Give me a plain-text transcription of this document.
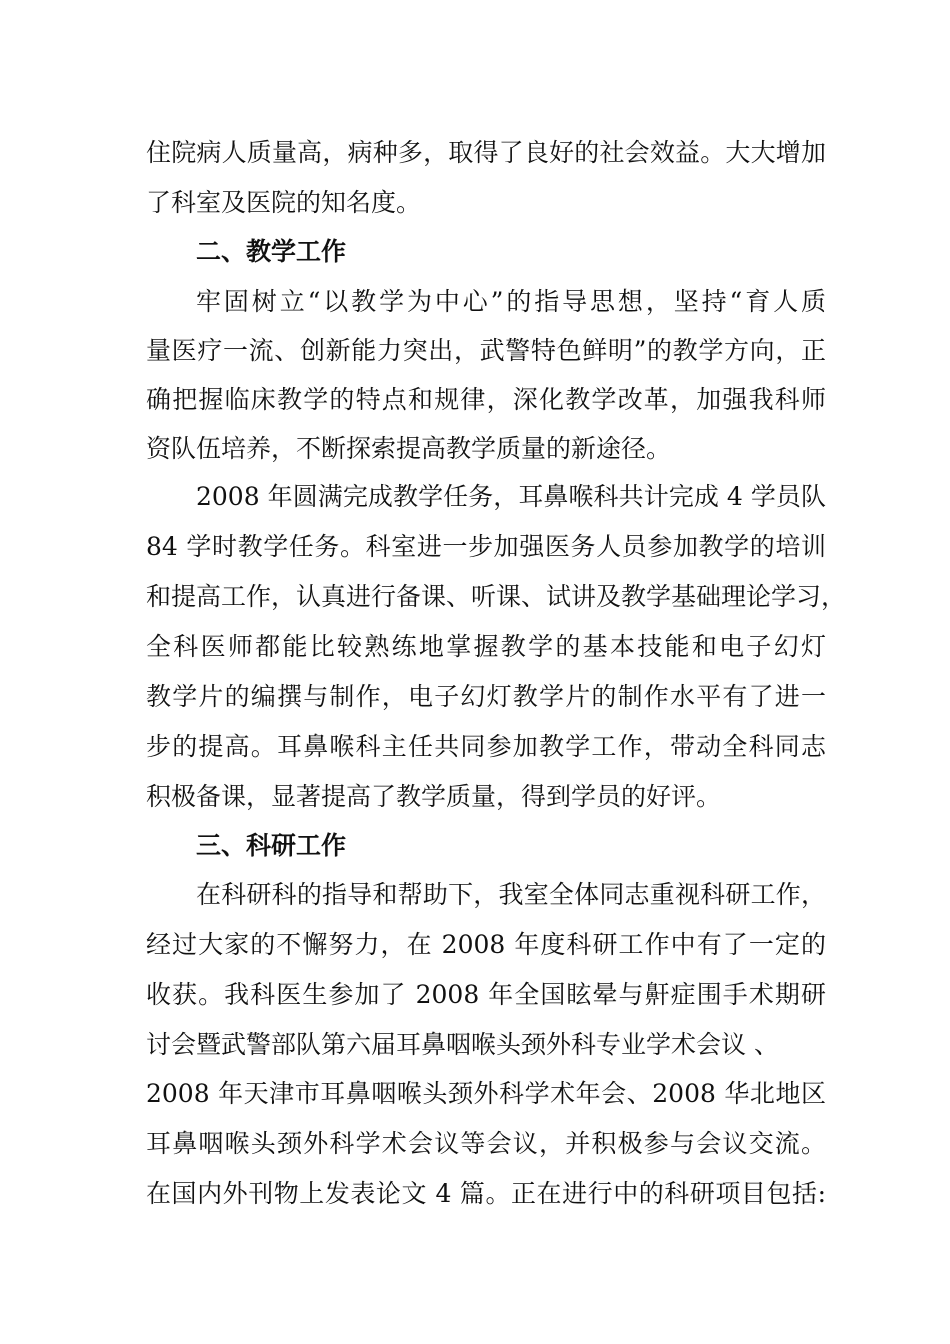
住院病人质量高，病种多，取得了良好的社会效益。大大增加
了科室及医院的知名度。
二、教学工作
牢固树立“以教学为中心”的指导思想，坚持“育人质
量医疗一流、创新能力突出，武警特色鲜明”的教学方向，正
确把握临床教学的特点和规律，深化教学改革，加强我科师
资队伍培养，不断探索提高教学质量的新途径。
2008 年圆满完成教学任务，耳鼻喉科共计完成 4 学员队
84 学时教学任务。科室进一步加强医务人员参加教学的培训
和提高工作，认真进行备课、听课、试讲及教学基础理论学习，
全科医师都能比较熟练地掌握教学的基本技能和电子幻灯
教学片的编撰与制作，电子幻灯教学片的制作水平有了进一
步的提高。耳鼻喉科主任共同参加教学工作，带动全科同志
积极备课，显著提高了教学质量，得到学员的好评。
三、科研工作
在科研科的指导和帮助下，我室全体同志重视科研工作，
经过大家的不懈努力，在 2008 年度科研工作中有了一定的
收获。我科医生参加了 2008 年全国眩晕与鼾症围手术期研
讨会暨武警部队第六届耳鼻咽喉头颈外科专业学术会议 、
2008 年天津市耳鼻咽喉头颈外科学术年会、2008 华北地区
耳鼻咽喉头颈外科学术会议等会议，并积极参与会议交流。
在国内外刊物上发表论文 4 篇。正在进行中的科研项目包括:
